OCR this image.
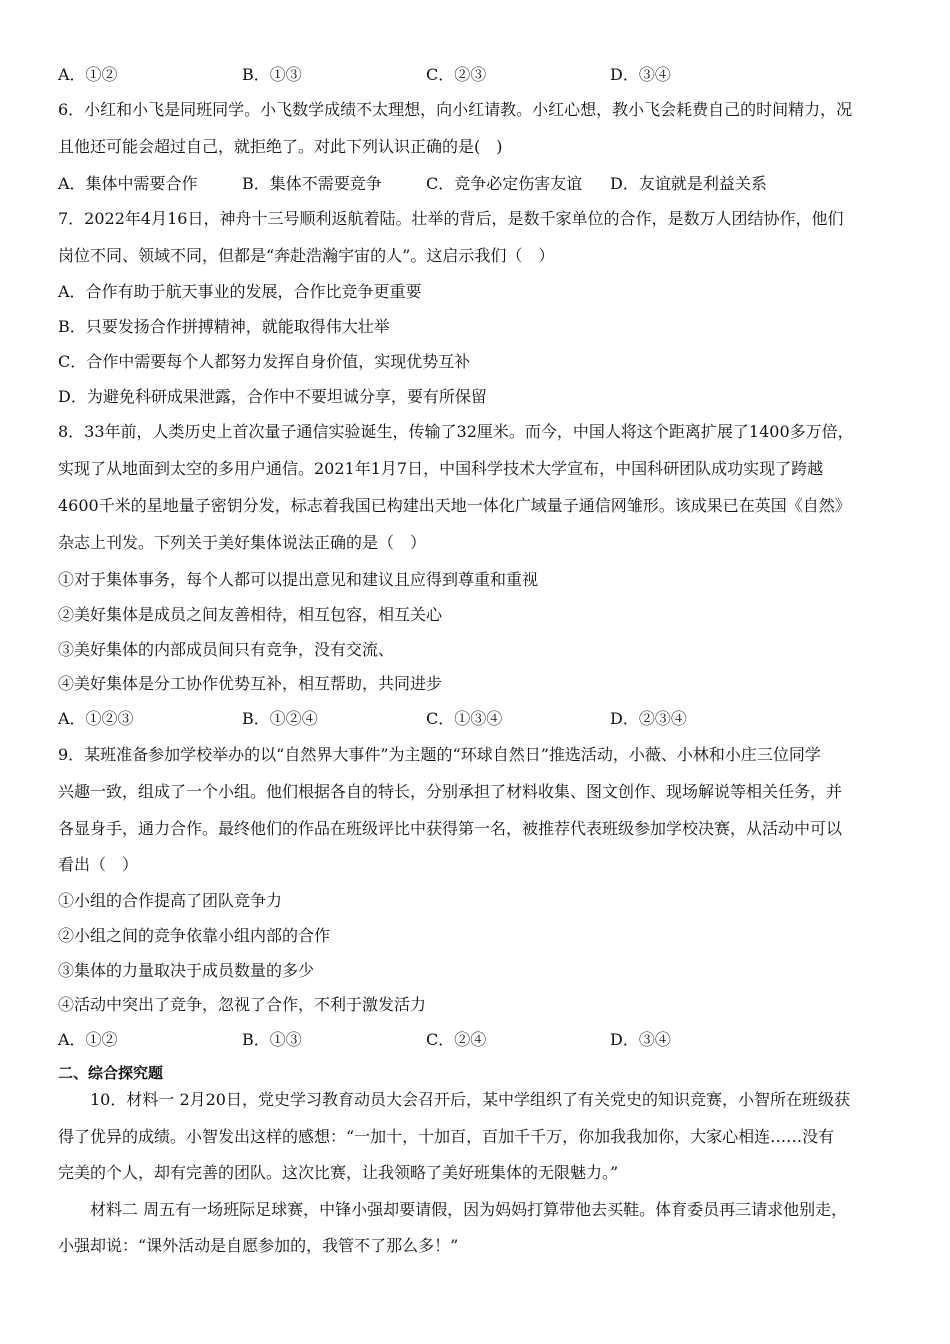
A．①②	B．①③	C．②③	D．③④
6．小红和小飞是同班同学。小飞数学成绩不太理想，向小红请教。小红心想，教小飞会耗费自己的时间精力，况
且他还可能会超过自己，就拒绝了。对此下列认识正确的是(　)
A．集体中需要合作	B．集体不需要竞争	C．竞争必定伤害友谊 D．友谊就是利益关系
7．2022年4月16日，神舟十三号顺利返航着陆。壮举的背后，是数千家单位的合作，是数万人团结协作，他们
岗位不同、领域不同，但都是“奔赴浩瀚宇宙的人”。这启示我们（　）
A．合作有助于航天事业的发展，合作比竞争更重要
B．只要发扬合作拼搏精神，就能取得伟大壮举
C．合作中需要每个人都努力发挥自身价值，实现优势互补
D．为避免科研成果泄露，合作中不要坦诚分享，要有所保留
8．33年前，人类历史上首次量子通信实验诞生，传输了32厘米。而今，中国人将这个距离扩展了1400多万倍，
实现了从地面到太空的多用户通信。2021年1月7日，中国科学技术大学宣布，中国科研团队成功实现了跨越
4600千米的星地量子密钥分发，标志着我国已构建出天地一体化广域量子通信网雏形。该成果已在英国《自然》
杂志上刊发。下列关于美好集体说法正确的是（　）
①对于集体事务，每个人都可以提出意见和建议且应得到尊重和重视
②美好集体是成员之间友善相待，相互包容，相互关心
③美好集体的内部成员间只有竞争，没有交流、
④美好集体是分工协作优势互补，相互帮助，共同进步
A．①②③	B．①②④	C．①③④	D．②③④
9．某班准备参加学校举办的以“自然界大事件”为主题的“环球自然日”推选活动，小薇、小林和小庄三位同学
兴趣一致，组成了一个小组。他们根据各自的特长，分别承担了材料收集、图文创作、现场解说等相关任务，并
各显身手，通力合作。最终他们的作品在班级评比中获得第一名，被推荐代表班级参加学校决赛，从活动中可以
看出（　）
①小组的合作提高了团队竞争力
②小组之间的竞争依靠小组内部的合作
③集体的力量取决于成员数量的多少
④活动中突出了竞争，忽视了合作，不利于激发活力
A．①②	B．①③	C．②④	D．③④
二、综合探究题
10．材料一 2月20日，党史学习教育动员大会召开后，某中学组织了有关党史的知识竞赛，小智所在班级获
得了优异的成绩。小智发出这样的感想：“一加十，十加百，百加千千万，你加我我加你，大家心相连……没有
完美的个人，却有完善的团队。这次比赛，让我领略了美好班集体的无限魅力。”
材料二 周五有一场班际足球赛，中锋小强却要请假，因为妈妈打算带他去买鞋。体育委员再三请求他别走，
小强却说：“课外活动是自愿参加的，我管不了那么多！”
